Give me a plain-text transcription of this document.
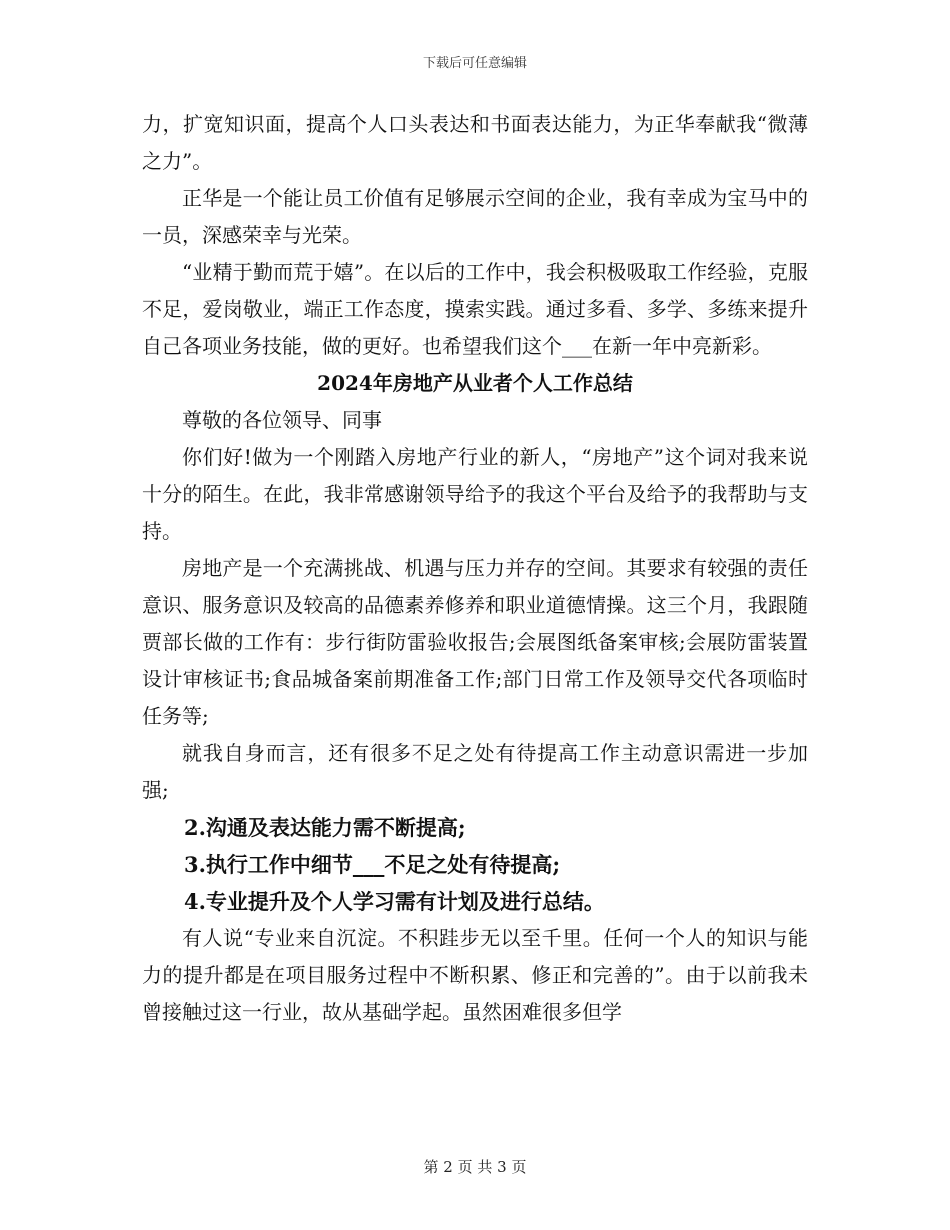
下载后可任意编辑

力，扩宽知识面，提高个人口头表达和书面表达能力，为正华奉献我“微薄之力”。

正华是一个能让员工价值有足够展示空间的企业，我有幸成为宝马中的一员，深感荣幸与光荣。

“业精于勤而荒于嬉”。在以后的工作中，我会积极吸取工作经验，克服不足，爱岗敬业，端正工作态度，摸索实践。通过多看、多学、多练来提升自己各项业务技能，做的更好。也希望我们这个___在新一年中亮新彩。

2024年房地产从业者个人工作总结

尊敬的各位领导、同事

你们好!做为一个刚踏入房地产行业的新人，“房地产”这个词对我来说十分的陌生。在此，我非常感谢领导给予的我这个平台及给予的我帮助与支持。

房地产是一个充满挑战、机遇与压力并存的空间。其要求有较强的责任意识、服务意识及较高的品德素养修养和职业道德情操。这三个月，我跟随贾部长做的工作有：步行街防雷验收报告;会展图纸备案审核;会展防雷装置设计审核证书;食品城备案前期准备工作;部门日常工作及领导交代各项临时任务等;

就我自身而言，还有很多不足之处有待提高工作主动意识需进一步加强;

2.沟通及表达能力需不断提高;

3.执行工作中细节___不足之处有待提高;

4.专业提升及个人学习需有计划及进行总结。

有人说“专业来自沉淀。不积跬步无以至千里。任何一个人的知识与能力的提升都是在项目服务过程中不断积累、修正和完善的”。由于以前我未曾接触过这一行业，故从基础学起。虽然困难很多但学

第 2 页 共 3 页
